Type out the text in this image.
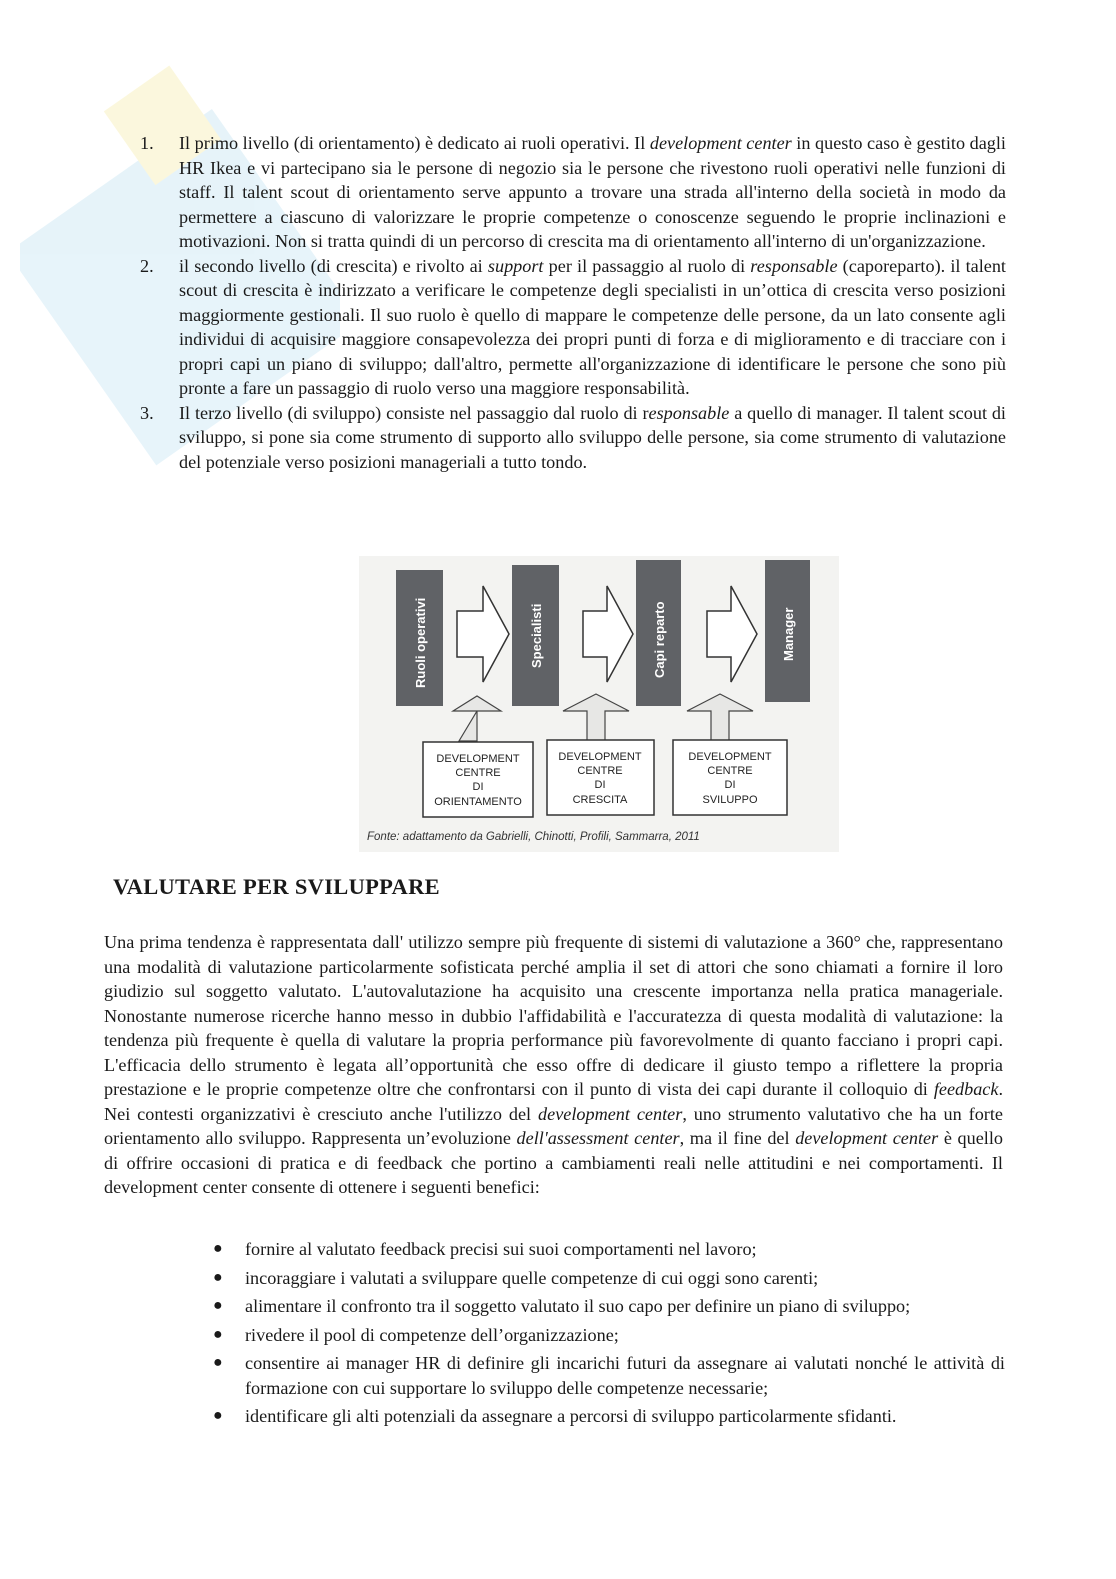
1. Il primo livello (di orientamento) è dedicato ai ruoli operativi. Il development center in questo caso è gestito dagli HR Ikea e vi partecipano sia le persone di negozio sia le persone che rivestono ruoli operativi nelle funzioni di staff. Il talent scout di orientamento serve appunto a trovare una strada all'interno della società in modo da permettere a ciascuno di valorizzare le proprie competenze o conoscenze seguendo le proprie inclinazioni e motivazioni. Non si tratta quindi di un percorso di crescita ma di orientamento all'interno di un'organizzazione.
2. il secondo livello (di crescita) e rivolto ai support per il passaggio al ruolo di responsable (caporeparto). il talent scout di crescita è indirizzato a verificare le competenze degli specialisti in un’ottica di crescita verso posizioni maggiormente gestionali. Il suo ruolo è quello di mappare le competenze delle persone, da un lato consente agli individui di acquisire maggiore consapevolezza dei propri punti di forza e di miglioramento e di tracciare con i propri capi un piano di sviluppo; dall'altro, permette all'organizzazione di identificare le persone che sono più pronte a fare un passaggio di ruolo verso una maggiore responsabilità.
3. Il terzo livello (di sviluppo) consiste nel passaggio dal ruolo di responsable a quello di manager. Il talent scout di sviluppo, si pone sia come strumento di supporto allo sviluppo delle persone, sia come strumento di valutazione del potenziale verso posizioni manageriali a tutto tondo.
Ruoli operativi	Specialisti	Capi reparto	Manager
DEVELOPMENT
CENTRE
DI
ORIENTAMENTO
DEVELOPMENT
CENTRE
DI
CRESCITA
DEVELOPMENT
CENTRE
DI
SVILUPPO
Fonte: adattamento da Gabrielli, Chinotti, Profili, Sammarra, 2011
VALUTARE PER SVILUPPARE

Una prima tendenza è rappresentata dall' utilizzo sempre più frequente di sistemi di valutazione a 360° che, rappresentano una modalità di valutazione particolarmente sofisticata perché amplia il set di attori che sono chiamati a fornire il loro giudizio sul soggetto valutato. L'autovalutazione ha acquisito una crescente importanza nella pratica manageriale. Nonostante numerose ricerche hanno messo in dubbio l'affidabilità e l'accuratezza di questa modalità di valutazione: la tendenza più frequente è quella di valutare la propria performance più favorevolmente di quanto facciano i propri capi. L'efficacia dello strumento è legata all’opportunità che esso offre di dedicare il giusto tempo a riflettere la propria prestazione e le proprie competenze oltre che confrontarsi con il punto di vista dei capi durante il colloquio di feedback. Nei contesti organizzativi è cresciuto anche l'utilizzo del development center, uno strumento valutativo che ha un forte orientamento allo sviluppo. Rappresenta un’evoluzione dell'assessment center, ma il fine del development center è quello di offrire occasioni di pratica e di feedback che portino a cambiamenti reali nelle attitudini e nei comportamenti. Il development center consente di ottenere i seguenti benefici:

● fornire al valutato feedback precisi sui suoi comportamenti nel lavoro;
● incoraggiare i valutati a sviluppare quelle competenze di cui oggi sono carenti;
● alimentare il confronto tra il soggetto valutato il suo capo per definire un piano di sviluppo;
● rivedere il pool di competenze dell’organizzazione;
● consentire ai manager HR di definire gli incarichi futuri da assegnare ai valutati nonché le attività di formazione con cui supportare lo sviluppo delle competenze necessarie;
● identificare gli alti potenziali da assegnare a percorsi di sviluppo particolarmente sfidanti.
